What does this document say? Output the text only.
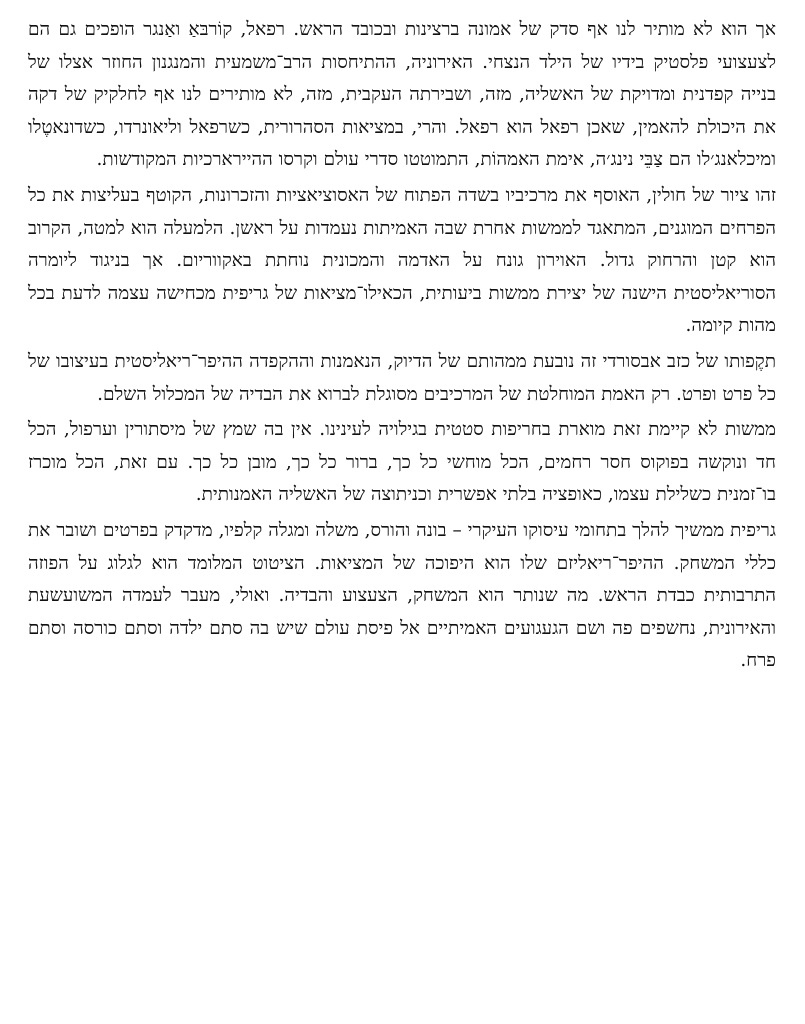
אך הוא לא מותיר לנו אף סדק של אמונה ברצינות ובכובד הראש. רפאל, קוֹרבּאַ ואַנגר הופכים גם הם לצעצועי פלסטיק בידיו של הילד הנצחי. האירוניה, ההתיחסות הרב־משמעית והמנגנון החוזר אצלו של בנייה קפדנית ומדויקת של האשליה, מזה, ושבירתה העקבית, מזה, לא מותירים לנו אף לחלקיק של דקה את היכולת להאמין, שאכן רפאל הוא רפאל. והרי, במציאות הסהרורית, כשרפאל וליאונרדו, כשדונאטֶלו ומיכלאנג׳לו הם צַבֵּי נינג׳ה, אימת האמהוֹת, התמוטטו סדרי עולם וקרסו ההיירארכיות המקודשות.

זהו ציור של חולין, האוסף את מרכיביו בשדה הפתוח של האסוציאציות והזכרונות, הקוטף בעליצות את כל הפרחים המוגנים, המתאגד לממשות אחרת שבה האמיתות נעמדות על ראשן. הלמעלה הוא למטה, הקרוב הוא קטן והרחוק גדול. האוירון גונח על האדמה והמכונית נוחתת באקווריום. אך בניגוד ליומרה הסוריאליסטית הישנה של יצירת ממשות ביעותית, הכאילו־מציאות של גריפית מכחישה עצמה לדעת בכל מהות קיומה.

תקֶפותו של כזב אבסורדי זה נובעת ממהותם של הדיוק, הנאמנות וההקפדה ההיפר־ריאליסטית בעיצובו של כל פרט ופרט. רק האמת המוחלטת של המרכיבים מסוגלת לברוא את הבדיה של המכלול השלם.

ממשות לא קיימת זאת מוארת בחריפות סטטית בגילויה לעינינו. אין בה שמץ של מיסתורין וערפול, הכל חד ונוקשה בפוקוס חסר רחמים, הכל מוחשי כל כך, ברור כל כך, מובן כל כך. עם זאת, הכל מוכרז בו־זמנית כשלילת עצמו, כאופציה בלתי אפשרית וכניתוצה של האשליה האמנותית.

גריפית ממשיך להלך בתחומי עיסוקו העיקרי – בונה והורס, משלה ומגלה קלפיו, מדקדק בפרטים ושובר את כללי המשחק. ההיפר־ריאליזם שלו הוא היפוכה של המציאות. הציטוט המלומד הוא לגלוג על הפוזה התרבותית כבדת הראש. מה שנותר הוא המשחק, הצעצוע והבדיה. ואולי, מעבר לעמדה המשועשעת והאירונית, נחשפים פה ושם הגעגועים האמיתיים אל פיסת עולם שיש בה סתם ילדה וסתם כורסה וסתם פרח.
